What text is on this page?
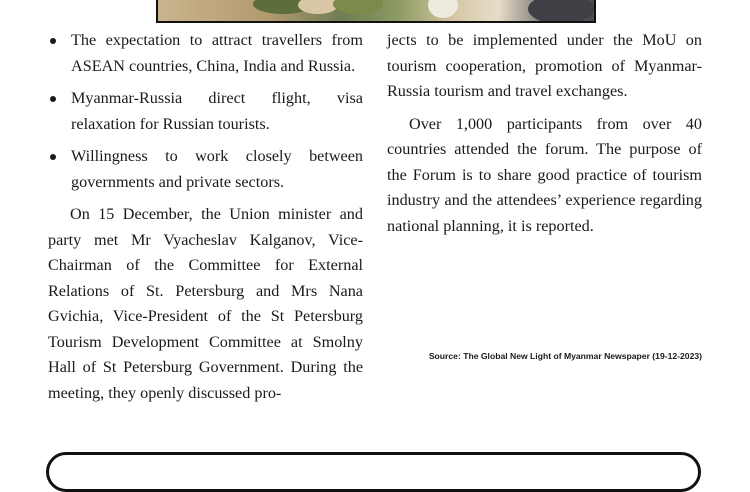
The expectation to attract travellers from ASEAN countries, China, India and Russia.
Myanmar-Russia direct flight, visa relaxation for Russian tourists.
Willingness to work closely between governments and private sectors.

On 15 December, the Union minister and party met Mr Vyacheslav Kalganov, Vice-Chairman of the Committee for External Relations of St. Petersburg and Mrs Nana Gvichia, Vice-President of the St Petersburg Tourism Development Committee at Smolny Hall of St Petersburg Government. During the meeting, they openly discussed pro-

jects to be implemented under the MoU on tourism cooperation, promotion of Myanmar-Russia tourism and travel exchanges.

Over 1,000 participants from over 40 countries attended the forum. The purpose of the Forum is to share good practice of tourism industry and the attendees’ experience regarding national planning, it is reported.

Source: The Global New Light of Myanmar Newspaper (19-12-2023)
